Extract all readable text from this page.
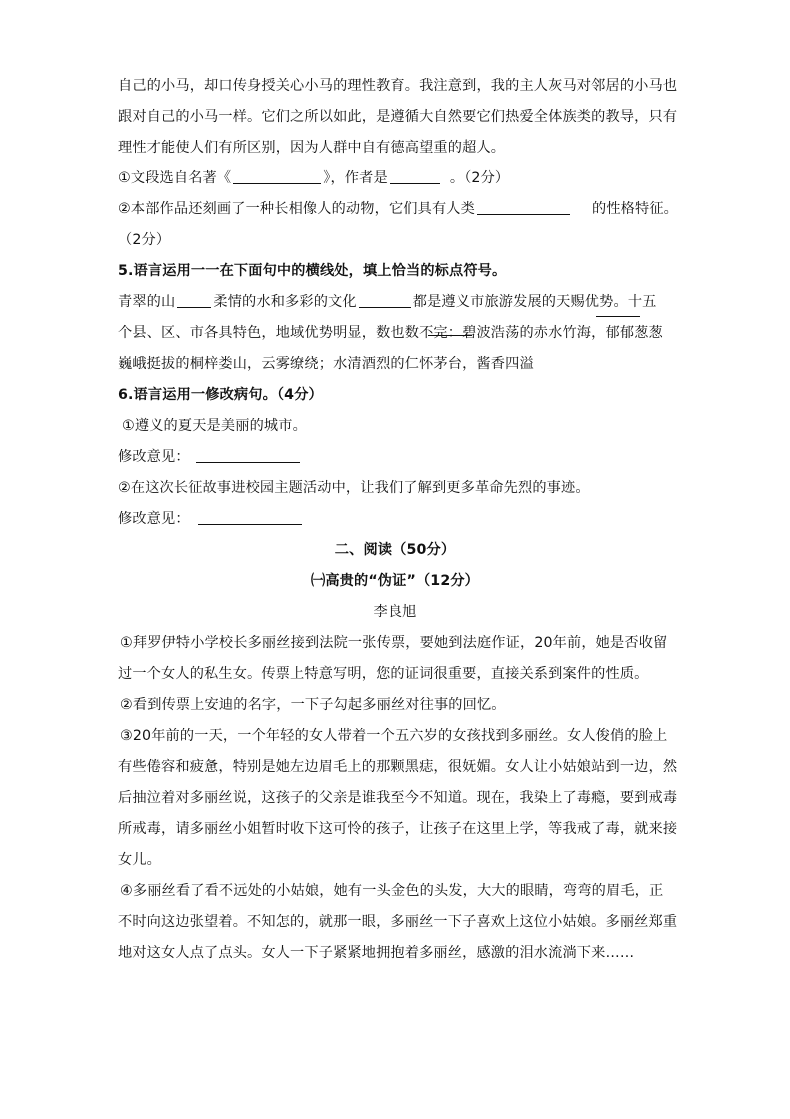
自己的小马，却口传身授关心小马的理性教育。我注意到，我的主人灰马对邻居的小马也
跟对自己的小马一样。它们之所以如此，是遵循大自然要它们热爱全体族类的教导，只有
理性才能使人们有所区别，因为人群中自有德高望重的超人。
①文段选自名著《	》，作者是	。（2分）
②本部作品还刻画了一种长相像人的动物，它们具有人类	的性格特征。
（2分）
5.语言运用一一在下面句中的横线处，填上恰当的标点符号。
青翠的山	柔情的水和多彩的文化	都是遵义市旅游发展的天赐优势。十五
个县、区、市各具特色，地域优势明显，数也数不完：碧波浩荡的赤水竹海，郁郁葱葱
巍峨挺拔的桐梓娄山，云雾缭绕；水清酒烈的仁怀茅台，酱香四溢
6.语言运用一修改病句。（4分）
①遵义的夏天是美丽的城市。
修改意见：
②在这次长征故事进校园主题活动中，让我们了解到更多革命先烈的事迹。
修改意见：
二、阅读（50分）
㈠高贵的“伪证”（12分）
李良旭
①拜罗伊特小学校长多丽丝接到法院一张传票，要她到法庭作证，20年前，她是否收留
过一个女人的私生女。传票上特意写明，您的证词很重要，直接关系到案件的性质。
②看到传票上安迪的名字，一下子勾起多丽丝对往事的回忆。
③20年前的一天，一个年轻的女人带着一个五六岁的女孩找到多丽丝。女人俊俏的脸上
有些倦容和疲惫，特别是她左边眉毛上的那颗黑痣，很妩媚。女人让小姑娘站到一边，然
后抽泣着对多丽丝说，这孩子的父亲是谁我至今不知道。现在，我染上了毒瘾，要到戒毒
所戒毒，请多丽丝小姐暂时收下这可怜的孩子，让孩子在这里上学，等我戒了毒，就来接
女儿。
④多丽丝看了看不远处的小姑娘，她有一头金色的头发，大大的眼睛，弯弯的眉毛，正
不时向这边张望着。不知怎的，就那一眼，多丽丝一下子喜欢上这位小姑娘。多丽丝郑重
地对这女人点了点头。女人一下子紧紧地拥抱着多丽丝，感激的泪水流淌下来……
